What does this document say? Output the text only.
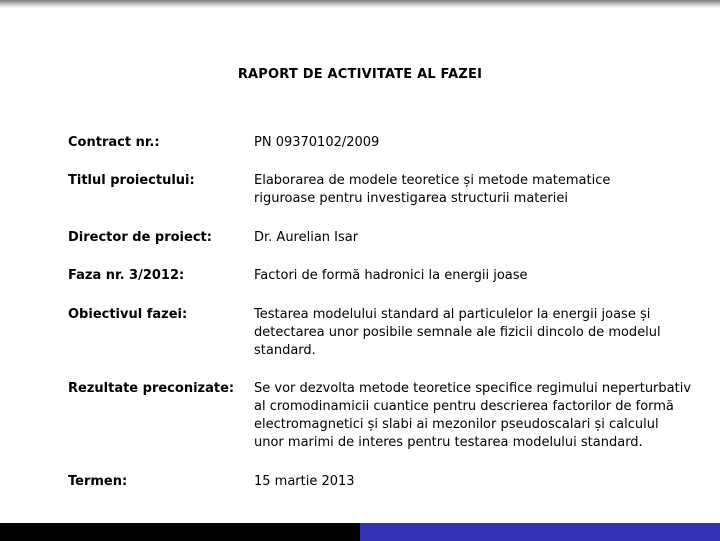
RAPORT DE ACTIVITATE AL FAZEI
Contract nr.:	PN 09370102/2009
Titlul proiectului:	Elaborarea de modele teoretice și metode matematice
riguroase pentru investigarea structurii materiei
Director de proiect:	Dr. Aurelian Isar
Faza nr. 3/2012:	Factori de formă hadronici la energii joase
Obiectivul fazei:	Testarea modelului standard al particulelor la energii joase și
detectarea unor posibile semnale ale fizicii dincolo de modelul
standard.
Rezultate preconizate: Se vor dezvolta metode teoretice specifice regimului neperturbativ
al cromodinamicii cuantice pentru descrierea factorilor de formă
electromagnetici și slabi ai mezonilor pseudoscalari și calculul
unor marimi de interes pentru testarea modelului standard.
Termen:	15 martie 2013
